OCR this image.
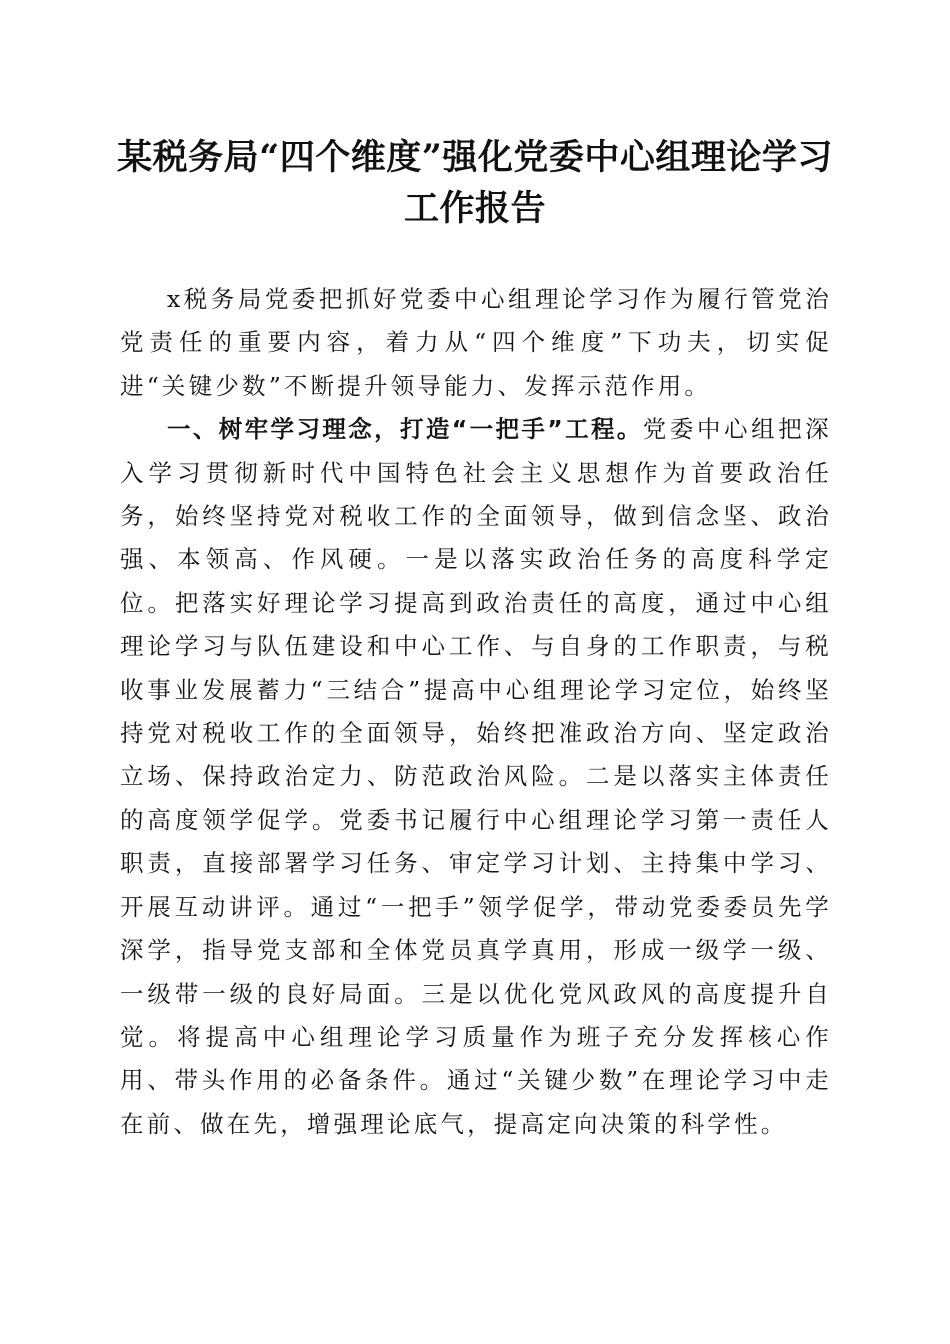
某税务局“四个维度”强化党委中心组理论学习工作报告

x税务局党委把抓好党委中心组理论学习作为履行管党治党责任的重要内容，着力从“四个维度”下功夫，切实促进“关键少数”不断提升领导能力、发挥示范作用。

一、树牢学习理念，打造“一把手”工程。党委中心组把深入学习贯彻新时代中国特色社会主义思想作为首要政治任务，始终坚持党对税收工作的全面领导，做到信念坚、政治强、本领高、作风硬。一是以落实政治任务的高度科学定位。把落实好理论学习提高到政治责任的高度，通过中心组理论学习与队伍建设和中心工作、与自身的工作职责，与税收事业发展蓄力“三结合”提高中心组理论学习定位，始终坚持党对税收工作的全面领导，始终把准政治方向、坚定政治立场、保持政治定力、防范政治风险。二是以落实主体责任的高度领学促学。党委书记履行中心组理论学习第一责任人职责，直接部署学习任务、审定学习计划、主持集中学习、开展互动讲评。通过“一把手”领学促学，带动党委委员先学深学，指导党支部和全体党员真学真用，形成一级学一级、一级带一级的良好局面。三是以优化党风政风的高度提升自觉。将提高中心组理论学习质量作为班子充分发挥核心作用、带头作用的必备条件。通过“关键少数”在理论学习中走在前、做在先，增强理论底气，提高定向决策的科学性。
